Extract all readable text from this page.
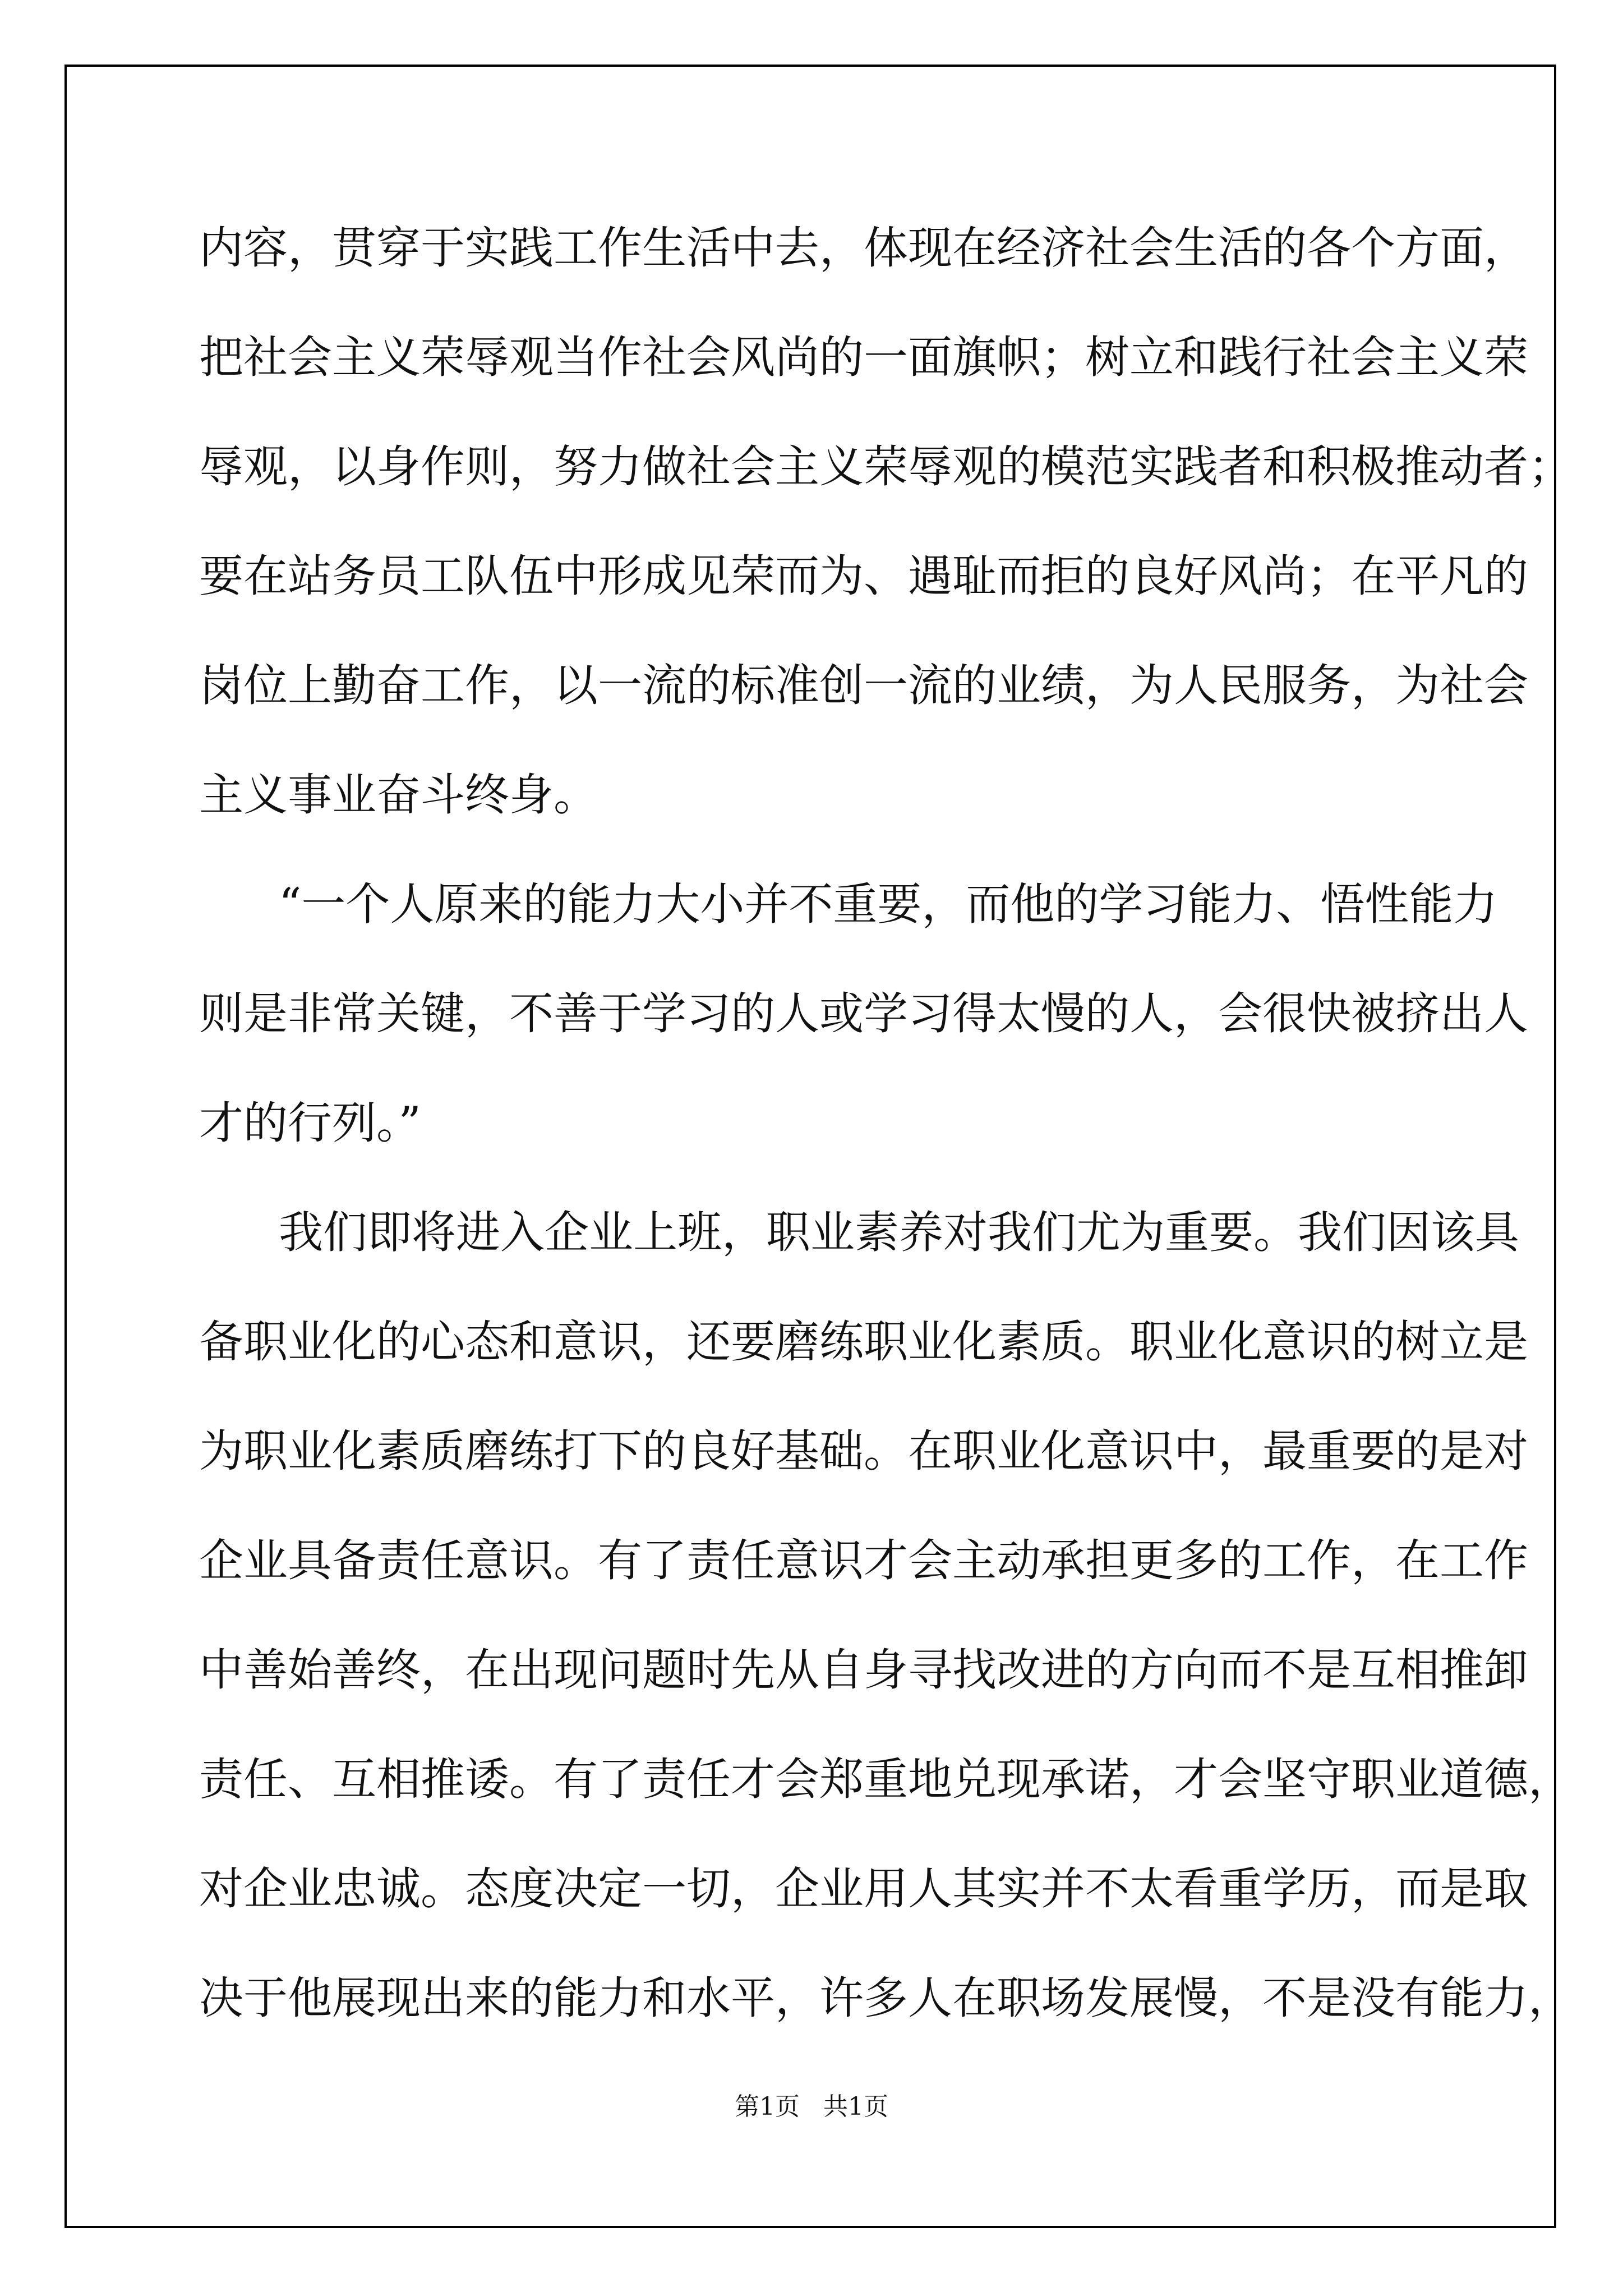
内容，贯穿于实践工作生活中去，体现在经济社会生活的各个方面，

把社会主义荣辱观当作社会风尚的一面旗帜；树立和践行社会主义荣

辱观，以身作则，努力做社会主义荣辱观的模范实践者和积极推动者；

要在站务员工队伍中形成见荣而为、遇耻而拒的良好风尚；在平凡的

岗位上勤奋工作，以一流的标准创一流的业绩，为人民服务，为社会

主义事业奋斗终身。

“一个人原来的能力大小并不重要，而他的学习能力、悟性能力

则是非常关键，不善于学习的人或学习得太慢的人，会很快被挤出人

才的行列。”

我们即将进入企业上班，职业素养对我们尤为重要。我们因该具

备职业化的心态和意识，还要磨练职业化素质。职业化意识的树立是

为职业化素质磨练打下的良好基础。在职业化意识中，最重要的是对

企业具备责任意识。有了责任意识才会主动承担更多的工作，在工作

中善始善终，在出现问题时先从自身寻找改进的方向而不是互相推卸

责任、互相推诿。有了责任才会郑重地兑现承诺，才会坚守职业道德，

对企业忠诚。态度决定一切，企业用人其实并不太看重学历，而是取

决于他展现出来的能力和水平，许多人在职场发展慢，不是没有能力，

第1页   共1页
